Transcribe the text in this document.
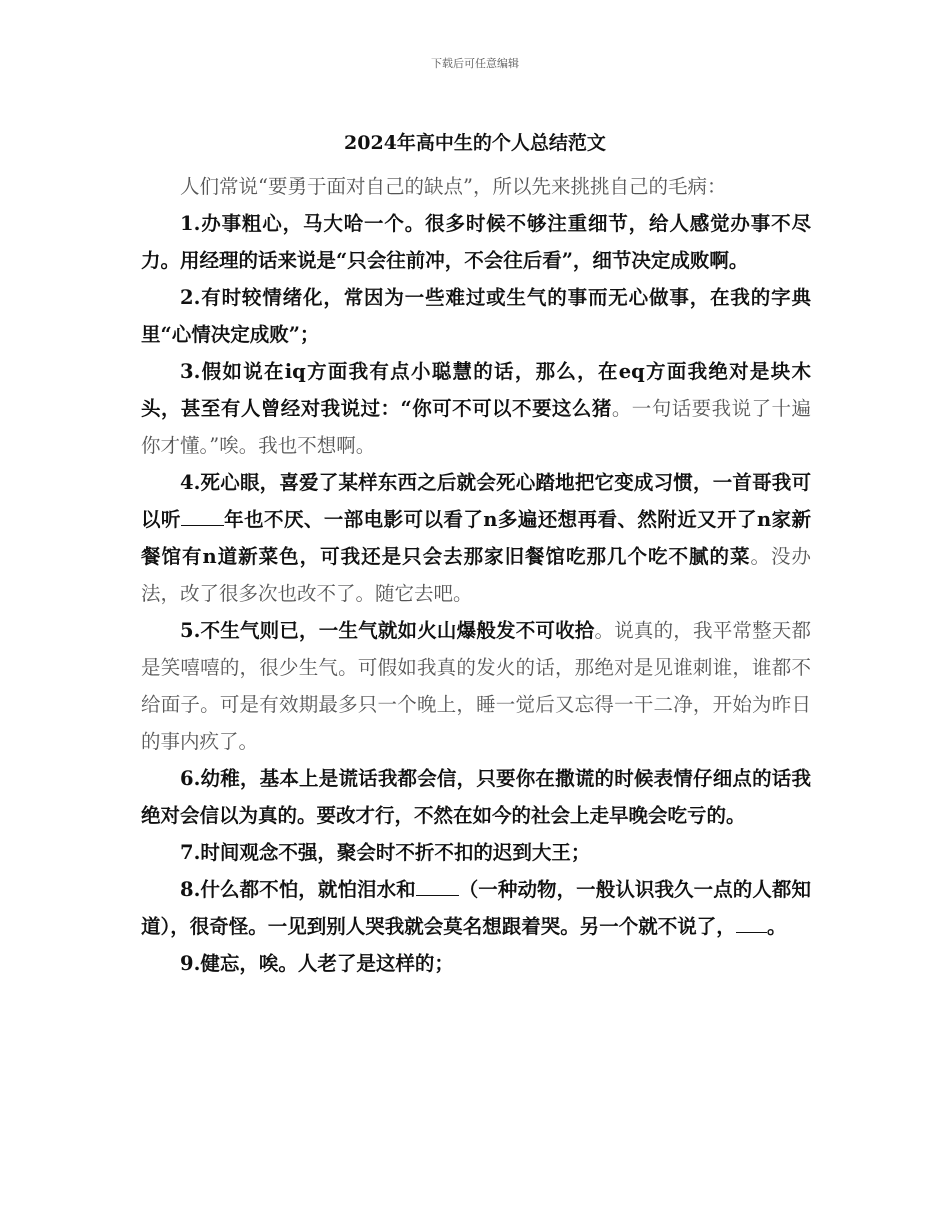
下载后可任意编辑
2024年高中生的个人总结范文

人们常说“要勇于面对自己的缺点”，所以先来挑挑自己的毛病：

1.办事粗心，马大哈一个。很多时候不够注重细节，给人感觉办事不尽力。用经理的话来说是“只会往前冲，不会往后看”，细节决定成败啊。

2.有时较情绪化，常因为一些难过或生气的事而无心做事，在我的字典里“心情决定成败”；

3.假如说在iq方面我有点小聪慧的话，那么，在eq方面我绝对是块木头，甚至有人曾经对我说过：“你可不可以不要这么猪。一句话要我说了十遍你才懂。”唉。我也不想啊。

4.死心眼，喜爱了某样东西之后就会死心踏地把它变成习惯，一首哥我可以听 年也不厌、一部电影可以看了n多遍还想再看、然附近又开了n家新餐馆有n道新菜色，可我还是只会去那家旧餐馆吃那几个吃不腻的菜。没办法，改了很多次也改不了。随它去吧。

5.不生气则已，一生气就如火山爆般发不可收拾。说真的，我平常整天都是笑嘻嘻的，很少生气。可假如我真的发火的话，那绝对是见谁刺谁，谁都不给面子。可是有效期最多只一个晚上，睡一觉后又忘得一干二净，开始为昨日的事内疚了。

6.幼稚，基本上是谎话我都会信，只要你在撒谎的时候表情仔细点的话我绝对会信以为真的。要改才行，不然在如今的社会上走早晚会吃亏的。

7.时间观念不强，聚会时不折不扣的迟到大王；

8.什么都不怕，就怕泪水和 （一种动物，一般认识我久一点的人都知道），很奇怪。一见到别人哭我就会莫名想跟着哭。另一个就不说了， 。

9.健忘，唉。人老了是这样的；
